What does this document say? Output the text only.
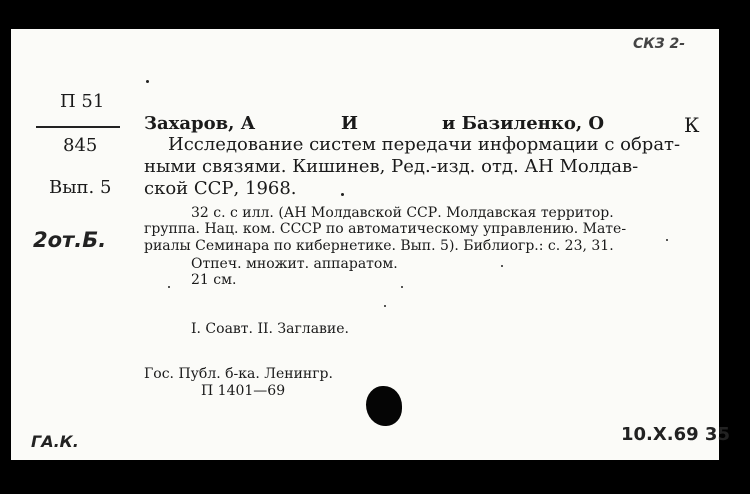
П 51
845
Вып. 5
СКЗ 2-
2от.Б.
ГА.К.	10.Х.69 35
Захаров, А	И	и Базиленко, О	К
Исследование систем передачи информации с обрат-
ными связями. Кишинев, Ред.-изд. отд. АН Молдав-
ской ССР, 1968.
32 с. с илл. (АН Молдавской ССР. Молдавская территор.
группа. Нац. ком. СССР по автоматическому управлению. Мате-
риалы Семинара по кибернетике. Вып. 5). Библиогр.: с. 23, 31.
Отпеч. множит. аппаратом.
21 см.
I. Соавт. II. Заглавие.
Гос. Публ. б-ка. Ленингр.
П 1401—69
